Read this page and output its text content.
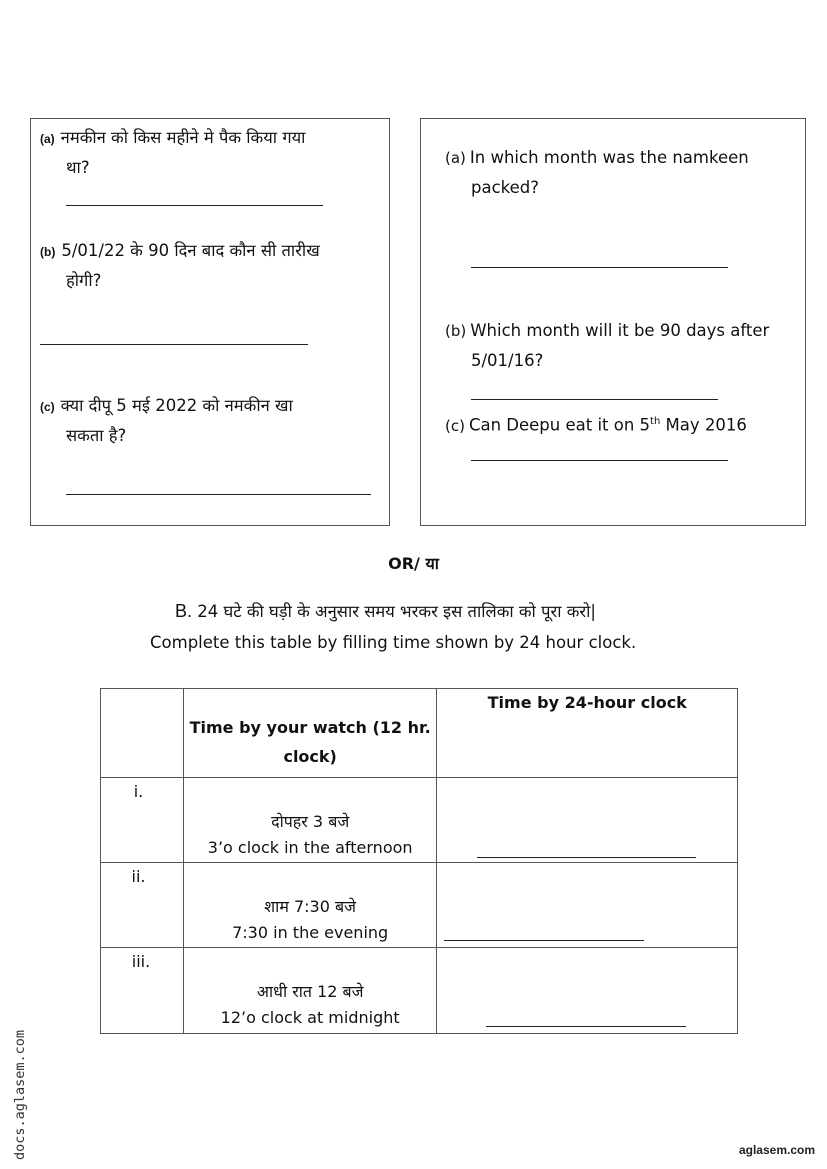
(a) नमकीन को किस महीने मे पैक किया गया
था?
(b) 5/01/22 के 90 दिन बाद कौन सी तारीख
होगी?
(c) क्या दीपू 5 मई 2022 को नमकीन खा
सकता है?
(a) In which month was the namkeen
packed?
(b) Which month will it be 90 days after
5/01/16?
(c) Can Deepu eat it on 5th May 2016
OR/ या
B. 24 घटे की घड़ी के अनुसार समय भरकर इस तालिका को पूरा करो|
Complete this table by filling time shown by 24 hour clock.

	Time by your watch (12 hr.
clock)	Time by 24-hour clock

i.	दोपहर 3 बजे
3’o clock in the afternoon	

ii.	शाम 7:30 बजे
7:30 in the evening	

iii.	आधी रात 12 बजे
12’o clock at midnight	

docs.aglasem.com	aglasem.com
